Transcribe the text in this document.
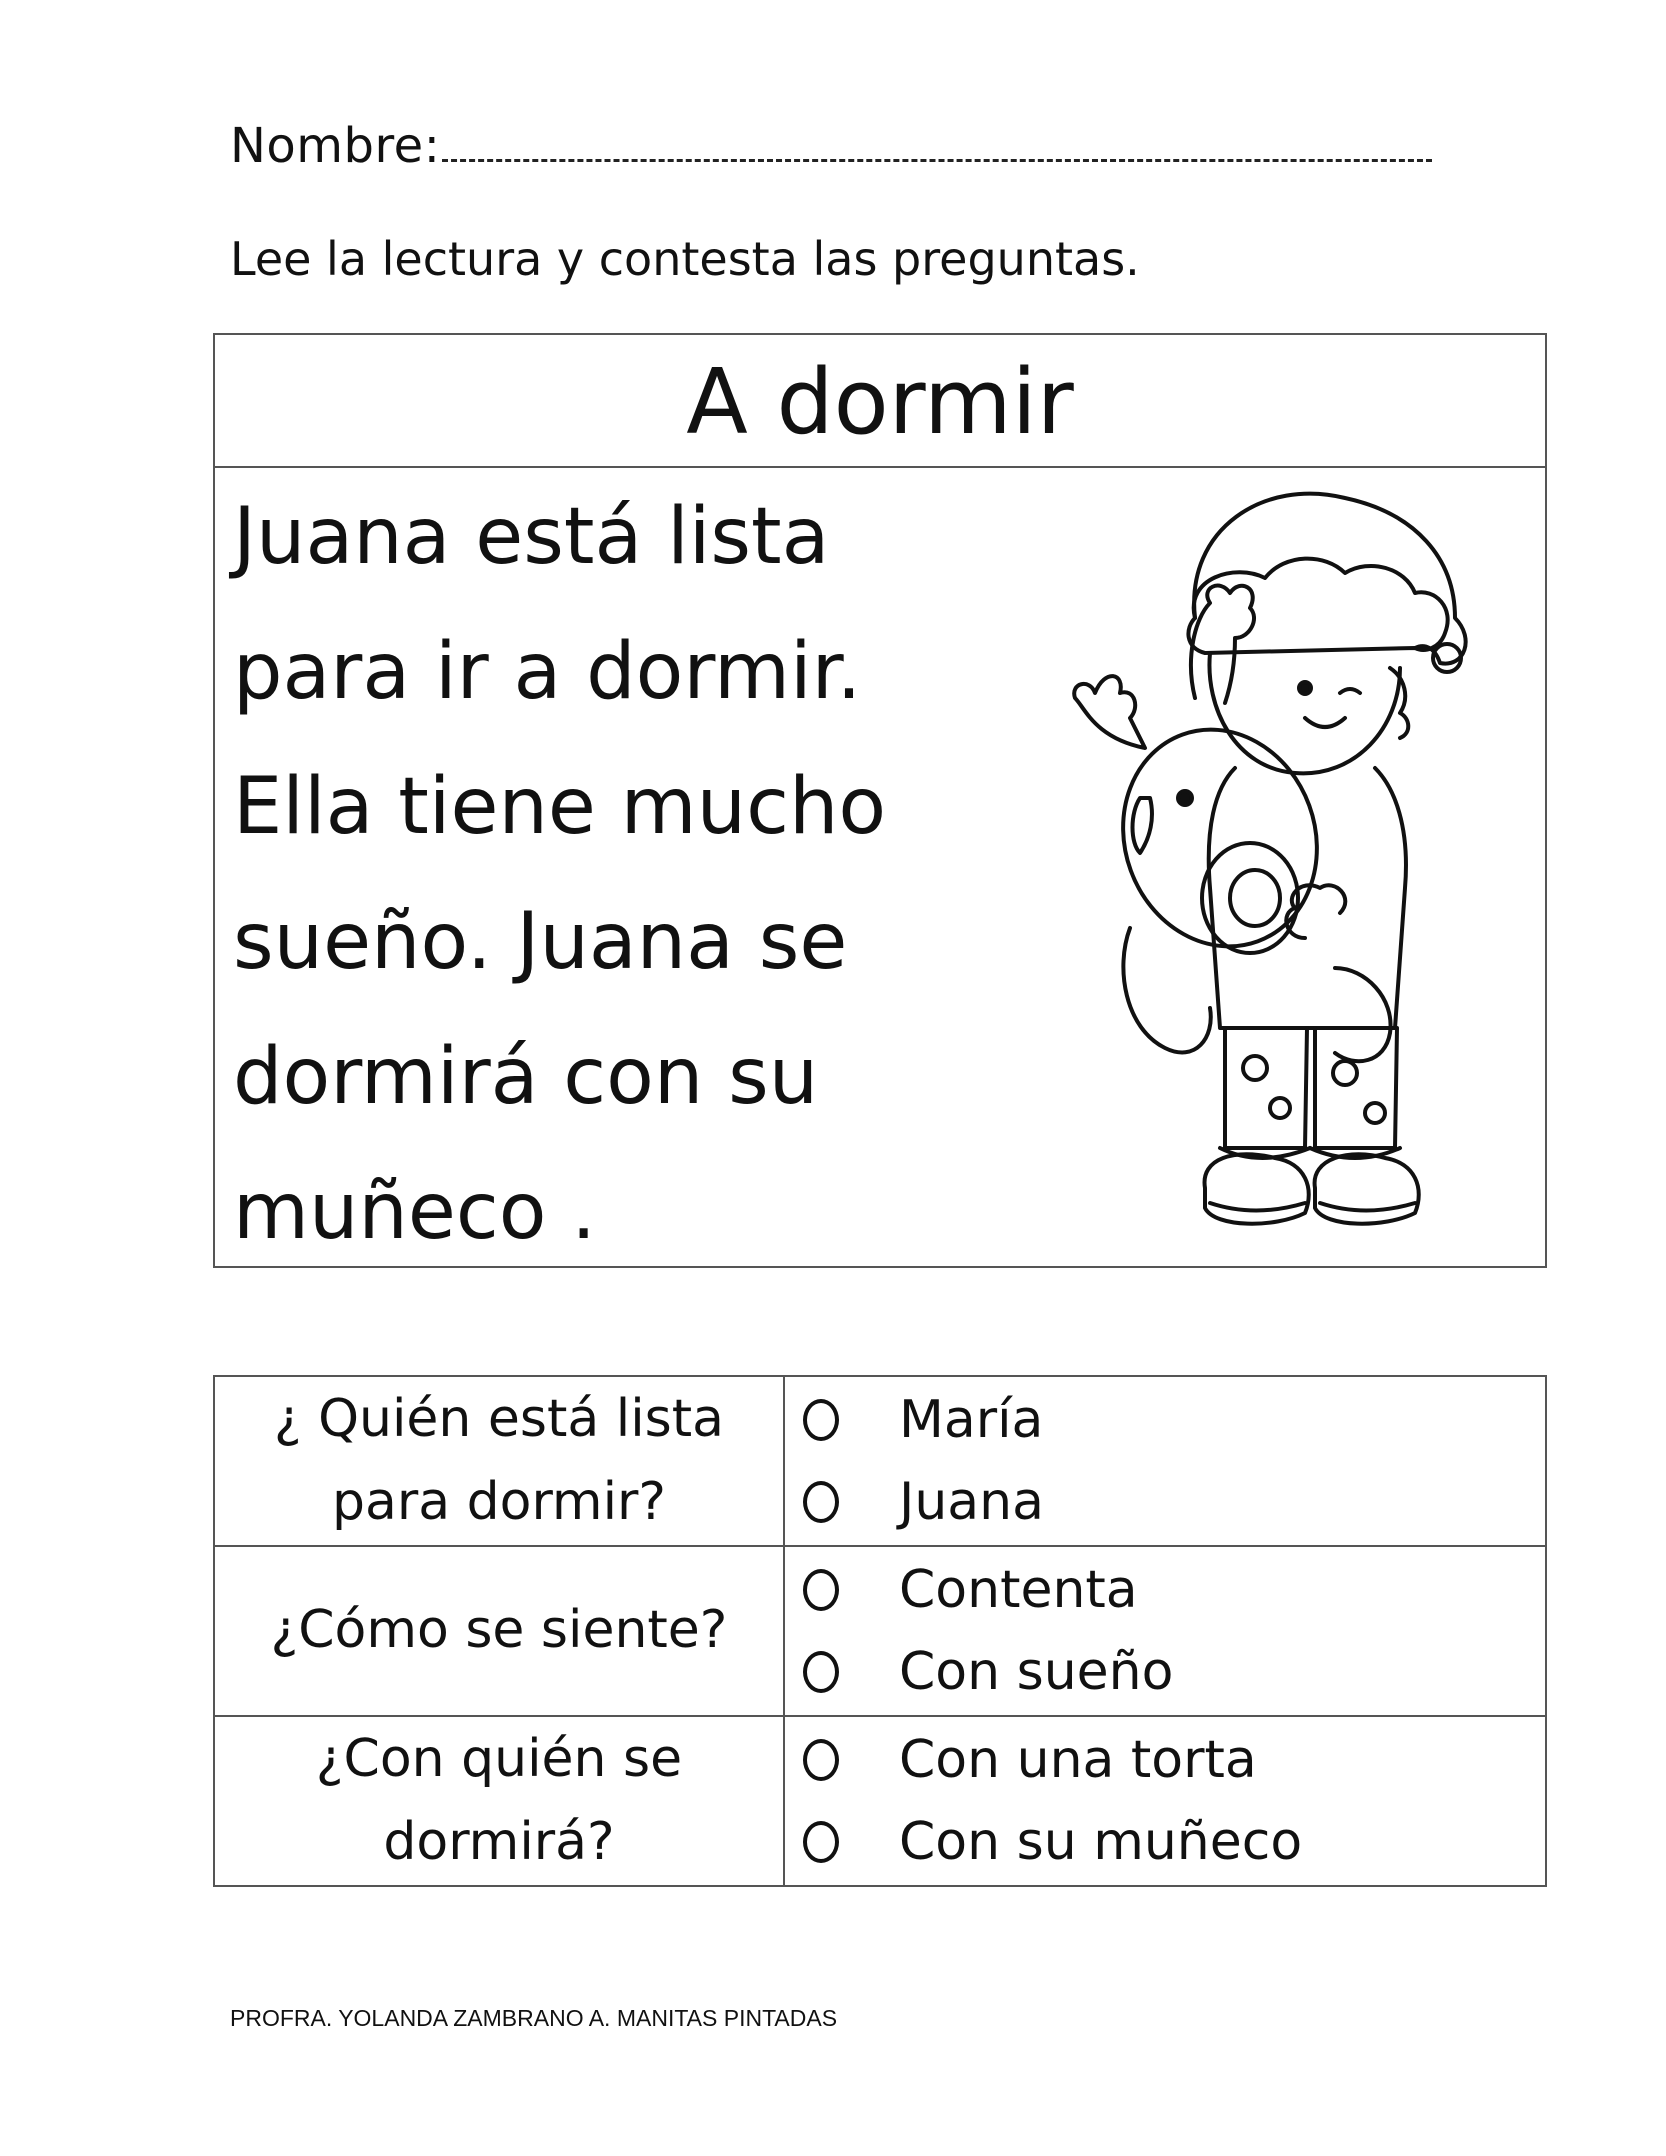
Nombre:
Lee la lectura y contesta las preguntas.
A dormir
Juana está lista
para ir a dormir.
Ella tiene mucho
sueño. Juana se
dormirá con su
muñeco .
¿ Quién está lista para dormir?	María
Juana

¿Cómo se siente?	Contenta
Con sueño

¿Con quién se dormirá?	Con una torta
Con su muñeco
PROFRA. YOLANDA ZAMBRANO A. MANITAS PINTADAS
